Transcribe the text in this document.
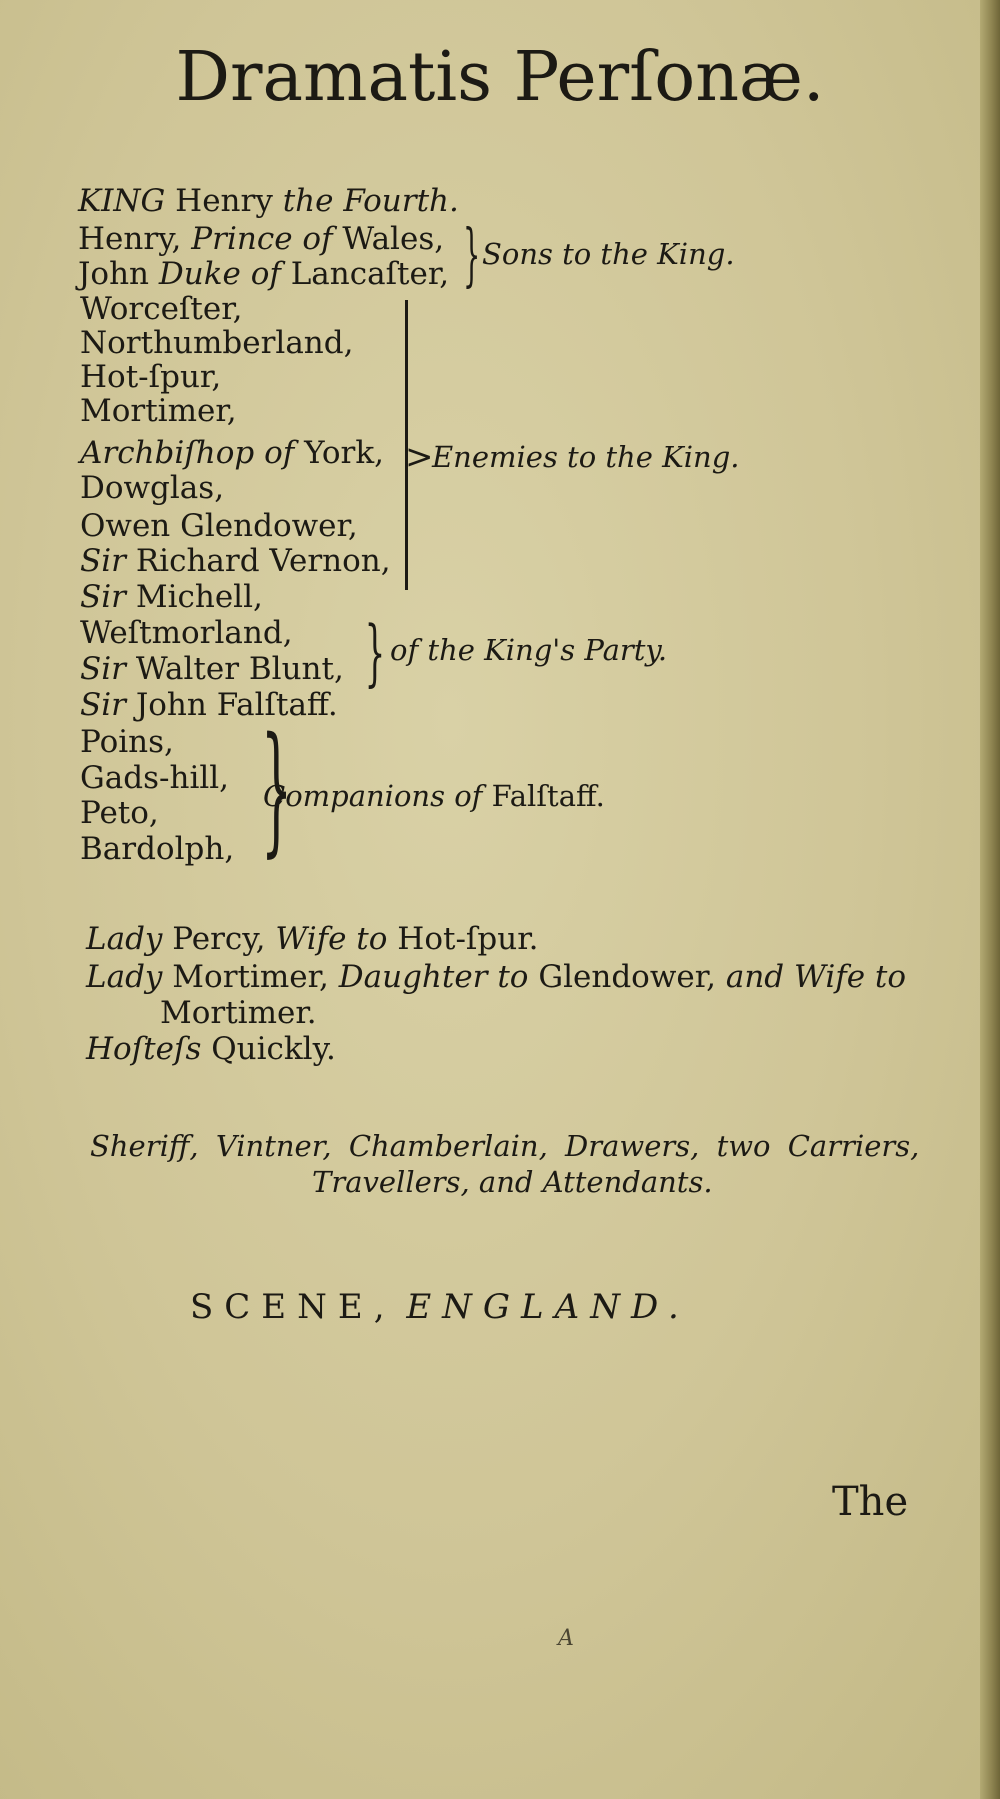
Dramatis Perſonæ.
KING Henry the Fourth.
Henry, Prince of Wales,
John Duke of Lancaſter, } Sons to the King.
Worceſter,
Northumberland,
Hot-ſpur,
Mortimer,
Archbiſhop of York,
Dowglas,
Owen Glendower,
Sir Richard Vernon,
Sir Michell,
>
Enemies to the King.
Weſtmorland,
Sir Walter Blunt, } of the King's Party.
Sir John Falſtaff.
Poins,
Gads-hill,
Peto,
Bardolph, }
Companions of Falſtaff.
Lady Percy, Wife to Hot-ſpur.
Lady Mortimer, Daughter to Glendower, and Wife to
Mortimer.
Hoſteſs Quickly.
Sheriff, Vintner, Chamberlain, Drawers, two Carriers,
Travellers, and Attendants.
SCENE, ENGLAND.
The
A
